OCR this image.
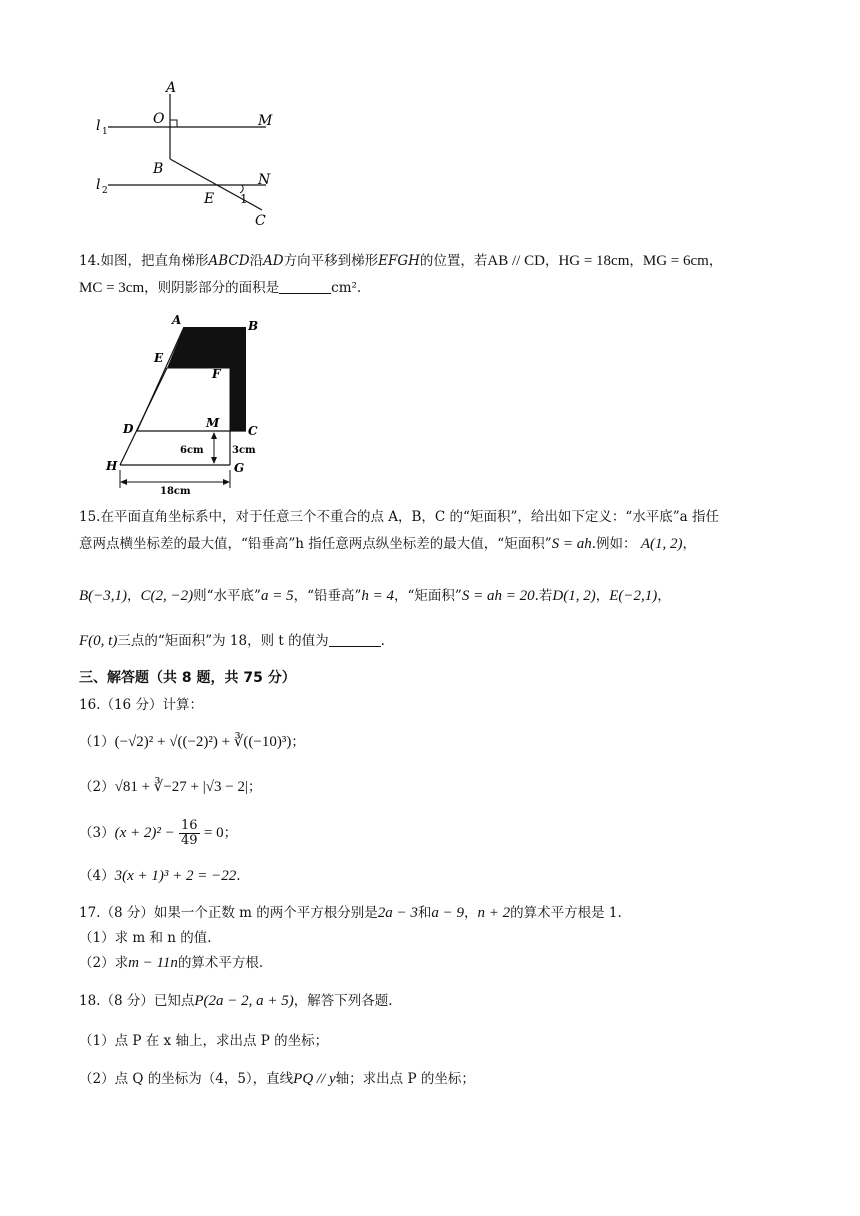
A
O	M
l 1
B
N
l 2	E 1
C
14.如图，把直角梯形ABCD沿AD方向平移到梯形EFGH的位置，若AB // CD，HG = 18cm，MG = 6cm，
MC = 3cm，则阴影部分的面积是	cm².
A	B
E
F
D	M
C
H	G
6cm	3cm
18cm
15.在平面直角坐标系中，对于任意三个不重合的点 A，B，C 的“矩面积”，给出如下定义：“水平底”a 指任
意两点横坐标差的最大值，“铅垂高”h 指任意两点纵坐标差的最大值，“矩面积”S = ah.例如： A(1, 2)，
B(−3,1)，C(2, −2)则“水平底”a = 5，“铅垂高”h = 4，“矩面积”S = ah = 20.若D(1, 2)，E(−2,1)，
F(0, t)三点的“矩面积”为 18，则 t 的值为	.
三、解答题（共 8 题，共 75 分）
16.（16 分）计算：
（1）(−√2)² + √((−2)²) + ∛((−10)³)；
（2）√81 + ∛−27 + |√3 − 2|；
$(3)(x + 2)^2 - \frac{16}{49} = 0$；
（4）3(x + 1)³ + 2 = −22.
17.（8 分）如果一个正数 m 的两个平方根分别是2a − 3和a − 9，n + 2的算术平方根是 1.
（1）求 m 和 n 的值.
（2）求m − 11n的算术平方根.
18.（8 分）已知点P(2a − 2, a + 5)，解答下列各题.
（1）点 P 在 x 轴上，求出点 P 的坐标；
（2）点 Q 的坐标为（4，5），直线PQ // y轴；求出点 P 的坐标；
